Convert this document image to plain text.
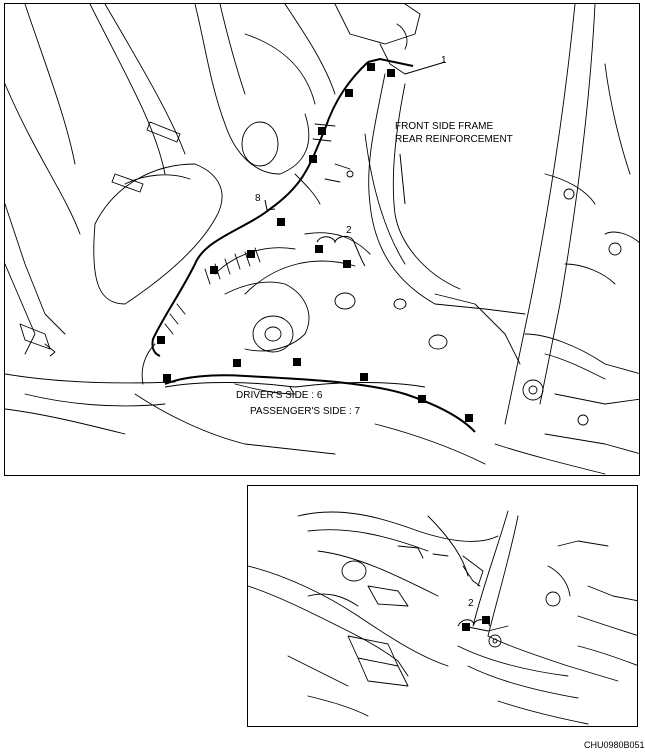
1
2
8
FRONT SIDE FRAME
REAR REINFORCEMENT
DRIVER'S SIDE : 6
PASSENGER'S SIDE : 7
2
CHU0980B051
